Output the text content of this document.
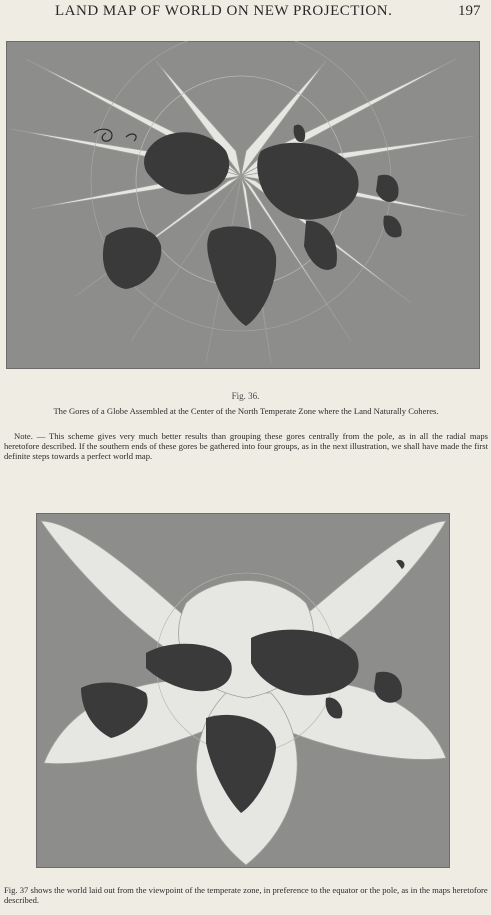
LAND MAP OF WORLD ON NEW PROJECTION.	197
Fig. 36.
The Gores of a Globe Assembled at the Center of the North Temperate Zone where the Land Naturally Coheres.
Note. — This scheme gives very much better results than grouping these gores centrally from the pole, as in all the radial maps heretofore described. If the southern ends of these gores be gathered into four groups, as in the next illustration, we shall have made the first definite steps towards a perfect world map.
Fig. 37 shows the world laid out from the viewpoint of the temperate zone, in preference to the equator or the pole, as in the maps heretofore described.
